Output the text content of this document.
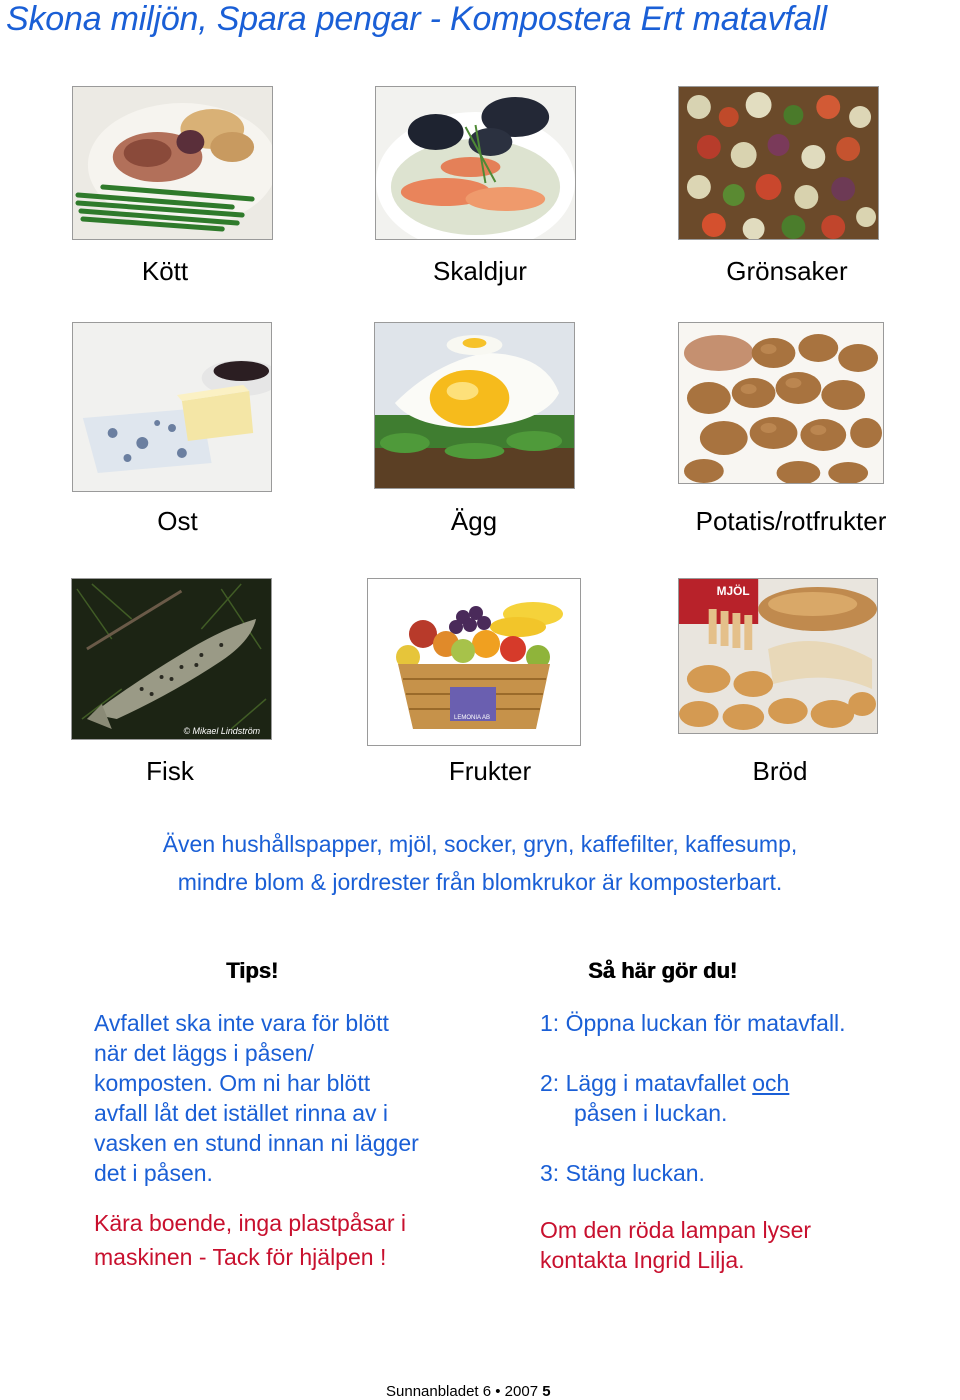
Skona miljön, Spara pengar - Kompostera Ert matavfall
Kött	Skaldjur	Grönsaker
Ost	Ägg	Potatis/rotfrukter
© Mikael Lindström
LEMONIA AB
MJÖL
Fisk	Frukter	Bröd
Även hushållspapper, mjöl, socker, gryn, kaffefilter, kaffesump,
mindre blom & jordrester från blomkrukor är komposterbart.
Tips!
Avfallet ska inte vara för blött
när det läggs i påsen/
komposten. Om ni har blött
avfall låt det istället rinna av i
vasken en stund innan ni lägger
det i påsen.
Kära boende, inga plastpåsar i
maskinen - Tack för hjälpen !
Så här gör du!
1: Öppna luckan för matavfall.
2: Lägg i matavfallet och
påsen i luckan.
3: Stäng luckan.
Om den röda lampan lyser
kontakta Ingrid Lilja.
Sunnanbladet 6 • 2007 5
